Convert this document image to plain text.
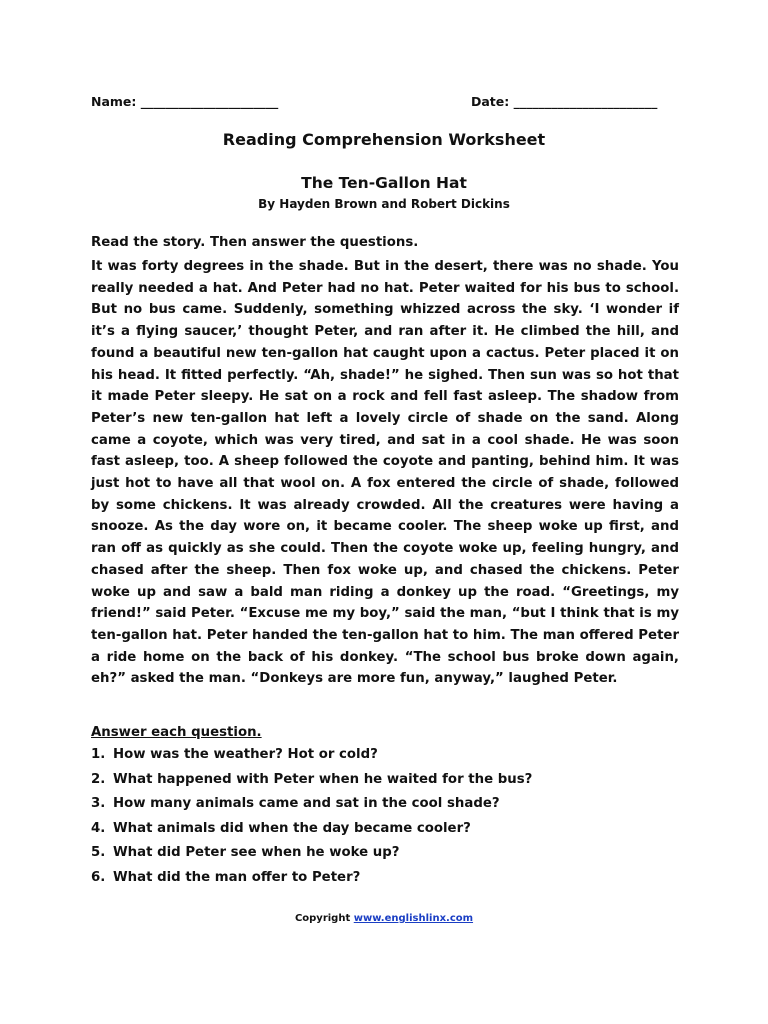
Name: ______________________	Date: _______________________
Reading Comprehension Worksheet
The Ten-Gallon Hat
By Hayden Brown and Robert Dickins
Read the story. Then answer the questions.

It was forty degrees in the shade. But in the desert, there was no shade. You really needed a hat. And Peter had no hat. Peter waited for his bus to school. But no bus came. Suddenly, something whizzed across the sky. ‘I wonder if it’s a flying saucer,’ thought Peter, and ran after it. He climbed the hill, and found a beautiful new ten-gallon hat caught upon a cactus. Peter placed it on his head. It fitted perfectly. “Ah, shade!” he sighed. Then sun was so hot that it made Peter sleepy. He sat on a rock and fell fast asleep. The shadow from Peter’s new ten-gallon hat left a lovely circle of shade on the sand. Along came a coyote, which was very tired, and sat in a cool shade. He was soon fast asleep, too. A sheep followed the coyote and panting, behind him. It was just hot to have all that wool on. A fox entered the circle of shade, followed by some chickens. It was already crowded. All the creatures were having a snooze. As the day wore on, it became cooler. The sheep woke up first, and ran off as quickly as she could. Then the coyote woke up, feeling hungry, and chased after the sheep. Then fox woke up, and chased the chickens. Peter woke up and saw a bald man riding a donkey up the road. “Greetings, my friend!” said Peter. “Excuse me my boy,” said the man, “but I think that is my ten-gallon hat. Peter handed the ten-gallon hat to him. The man offered Peter a ride home on the back of his donkey. “The school bus broke down again, eh?” asked the man. “Donkeys are more fun, anyway,” laughed Peter.

Answer each question.
1. How was the weather? Hot or cold?
2. What happened with Peter when he waited for the bus?
3. How many animals came and sat in the cool shade?
4. What animals did when the day became cooler?
5. What did Peter see when he woke up?
6. What did the man offer to Peter?
Copyright www.englishlinx.com
